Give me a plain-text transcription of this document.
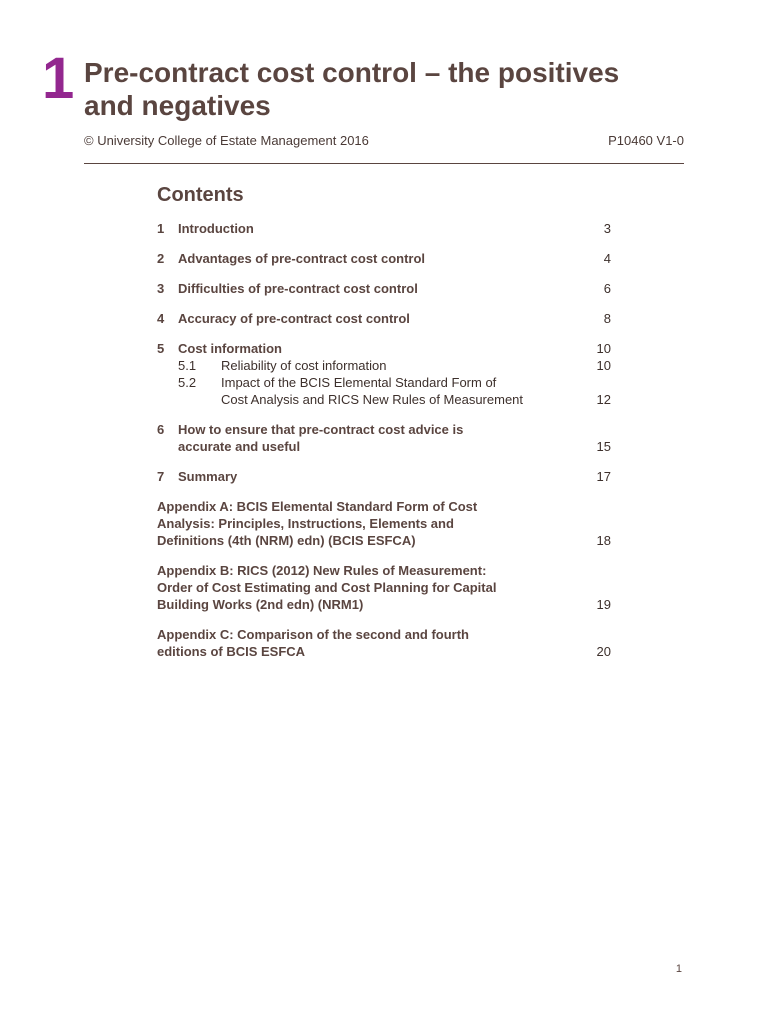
1 Pre-contract cost control – the positives
and negatives
© University College of Estate Management 2016	P10460 V1-0
Contents
1	Introduction	3
2	Advantages of pre-contract cost control	4
3	Difficulties of pre-contract cost control	6
4	Accuracy of pre-contract cost control	8
5	Cost information	10
5.1	Reliability of cost information	10
5.2	Impact of the BCIS Elemental Standard Form of
Cost Analysis and RICS New Rules of Measurement	12
6	How to ensure that pre-contract cost advice is
accurate and useful	15
7	Summary	17
Appendix A: BCIS Elemental Standard Form of Cost
Analysis: Principles, Instructions, Elements and
Definitions (4th (NRM) edn) (BCIS ESFCA)	18
Appendix B: RICS (2012) New Rules of Measurement:
Order of Cost Estimating and Cost Planning for Capital
Building Works (2nd edn) (NRM1)	19
Appendix C: Comparison of the second and fourth
editions of BCIS ESFCA	20
1
